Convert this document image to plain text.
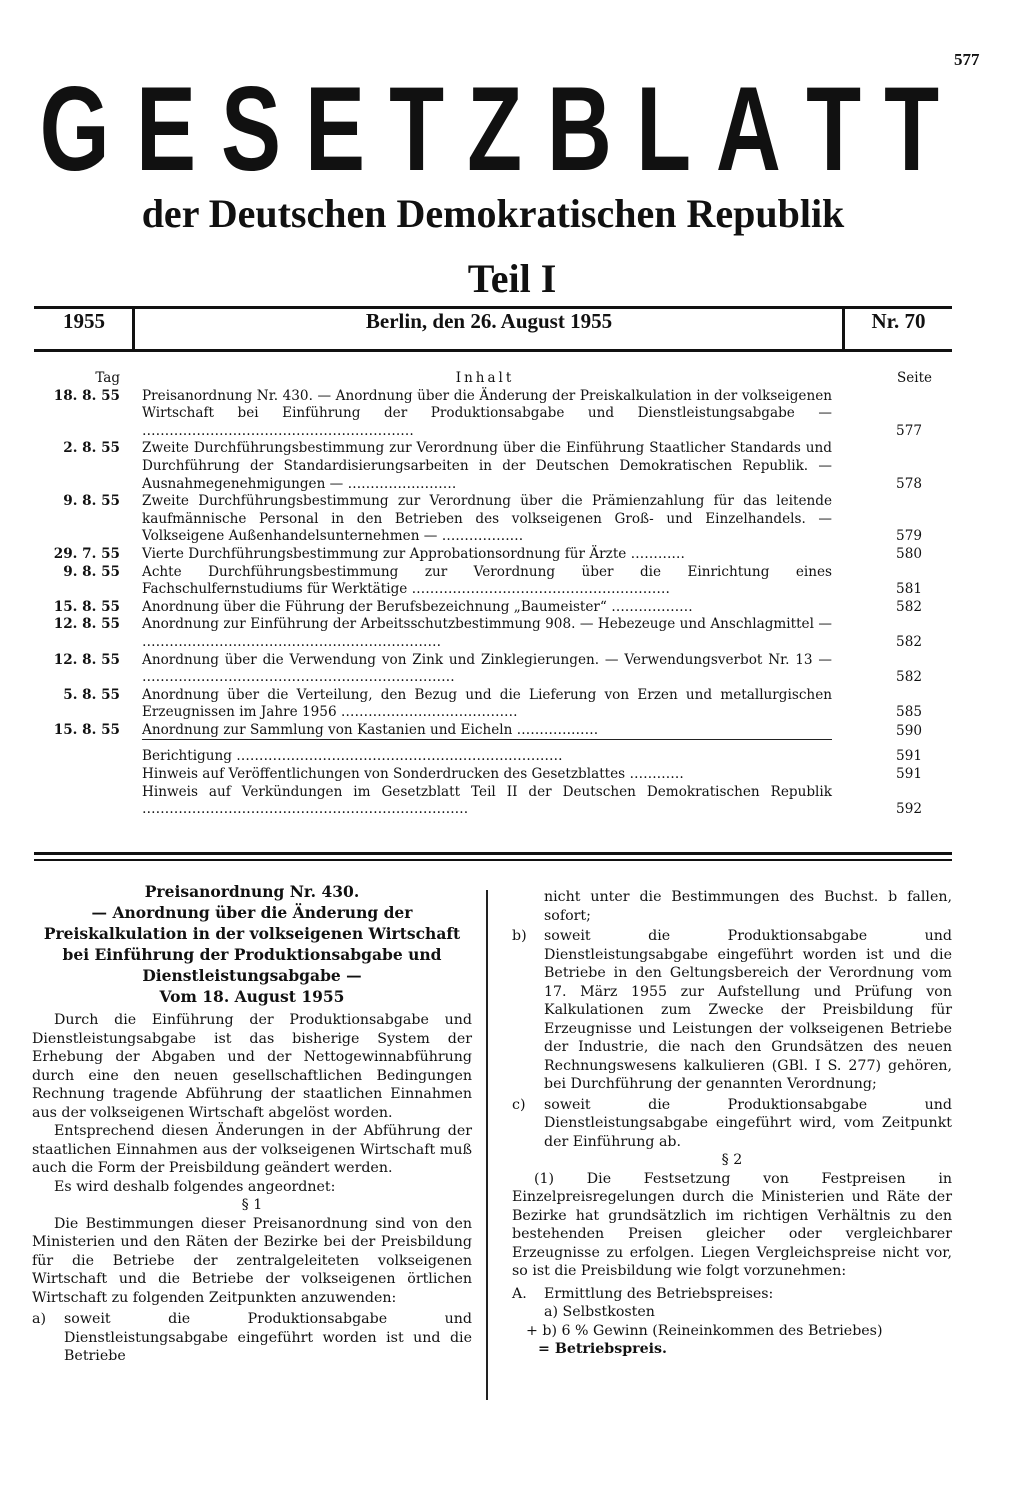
577
G E S E T Z B L A T T
der Deutschen Demokratischen Republik
Teil I
1955	Berlin, den 26. August 1955	Nr. 70
Tag	Inhalt	Seite
18. 8. 55	Preisanordnung Nr. 430. — Anordnung über die Änderung der Preiskalkulation in der volkseigenen Wirtschaft bei Einführung der Produktionsabgabe und Dienstleistungsabgabe — ……………………………………………………	577
2. 8. 55	Zweite Durchführungsbestimmung zur Verordnung über die Einführung Staatlicher Standards und Durchführung der Standardisierungsarbeiten in der Deutschen Demokratischen Republik. — Ausnahmegenehmigungen — ……………………	578
9. 8. 55	Zweite Durchführungsbestimmung zur Verordnung über die Prämienzahlung für das leitende kaufmännische Personal in den Betrieben des volkseigenen Groß- und Einzelhandels. — Volkseigene Außenhandelsunternehmen — ………………	579
29. 7. 55	Vierte Durchführungsbestimmung zur Approbationsordnung für Ärzte …………	580
9. 8. 55	Achte Durchführungsbestimmung zur Verordnung über die Einrichtung eines Fachschulfernstudiums für Werktätige …………………………………………………	581
15. 8. 55	Anordnung über die Führung der Berufsbezeichnung „Baumeister“ ………………	582
12. 8. 55	Anordnung zur Einführung der Arbeitsschutzbestimmung 908. — Hebezeuge und Anschlagmittel — …………………………………………………………	582
12. 8. 55	Anordnung über die Verwendung von Zink und Zinklegierungen. — Verwendungsverbot Nr. 13 — ……………………………………………………………	582
5. 8. 55	Anordnung über die Verteilung, den Bezug und die Lieferung von Erzen und metallurgischen Erzeugnissen im Jahre 1956 …………………………………	585
15. 8. 55	Anordnung zur Sammlung von Kastanien und Eicheln ………………	590
Berichtigung ………………………………………………………………	591
Hinweis auf Veröffentlichungen von Sonderdrucken des Gesetzblattes …………	591
Hinweis auf Verkündungen im Gesetzblatt Teil II der Deutschen Demokratischen Republik ………………………………………………………………	592
Preisanordnung Nr. 430.
— Anordnung über die Änderung der Preiskalkulation in der volkseigenen Wirtschaft bei Einführung der Produktionsabgabe und Dienstleistungsabgabe —
Vom 18. August 1955

Durch die Einführung der Produktionsabgabe und Dienstleistungsabgabe ist das bisherige System der Erhebung der Abgaben und der Nettogewinnabführung durch eine den neuen gesellschaftlichen Bedingungen Rechnung tragende Abführung der staatlichen Einnahmen aus der volkseigenen Wirtschaft abgelöst worden.

Entsprechend diesen Änderungen in der Abführung der staatlichen Einnahmen aus der volkseigenen Wirtschaft muß auch die Form der Preisbildung geändert werden.

Es wird deshalb folgendes angeordnet:

§ 1

Die Bestimmungen dieser Preisanordnung sind von den Ministerien und den Räten der Bezirke bei der Preisbildung für die Betriebe der zentralgeleiteten volkseigenen Wirtschaft und die Betriebe der volkseigenen örtlichen Wirtschaft zu folgenden Zeitpunkten anzuwenden:

a)	soweit die Produktionsabgabe und Dienstleistungsabgabe eingeführt worden ist und die Betriebe

nicht unter die Bestimmungen des Buchst. b fallen, sofort;

b)	soweit die Produktionsabgabe und Dienstleistungsabgabe eingeführt worden ist und die Betriebe in den Geltungsbereich der Verordnung vom 17. März 1955 zur Aufstellung und Prüfung von Kalkulationen zum Zwecke der Preisbildung für Erzeugnisse und Leistungen der volkseigenen Betriebe der Industrie, die nach den Grundsätzen des neuen Rechnungswesens kalkulieren (GBl. I S. 277) gehören, bei Durchführung der genannten Verordnung;
c)	soweit die Produktionsabgabe und Dienstleistungsabgabe eingeführt wird, vom Zeitpunkt der Einführung ab.

§ 2

(1) Die Festsetzung von Festpreisen in Einzelpreisregelungen durch die Ministerien und Räte der Bezirke hat grundsätzlich im richtigen Verhältnis zu den bestehenden Preisen gleicher oder vergleichbarer Erzeugnisse zu erfolgen. Liegen Vergleichspreise nicht vor, so ist die Preisbildung wie folgt vorzunehmen:

A.	Ermittlung des Betriebspreises:

a) Selbstkosten

+ b) 6 % Gewinn (Reineinkommen des Betriebes)

= Betriebspreis.
